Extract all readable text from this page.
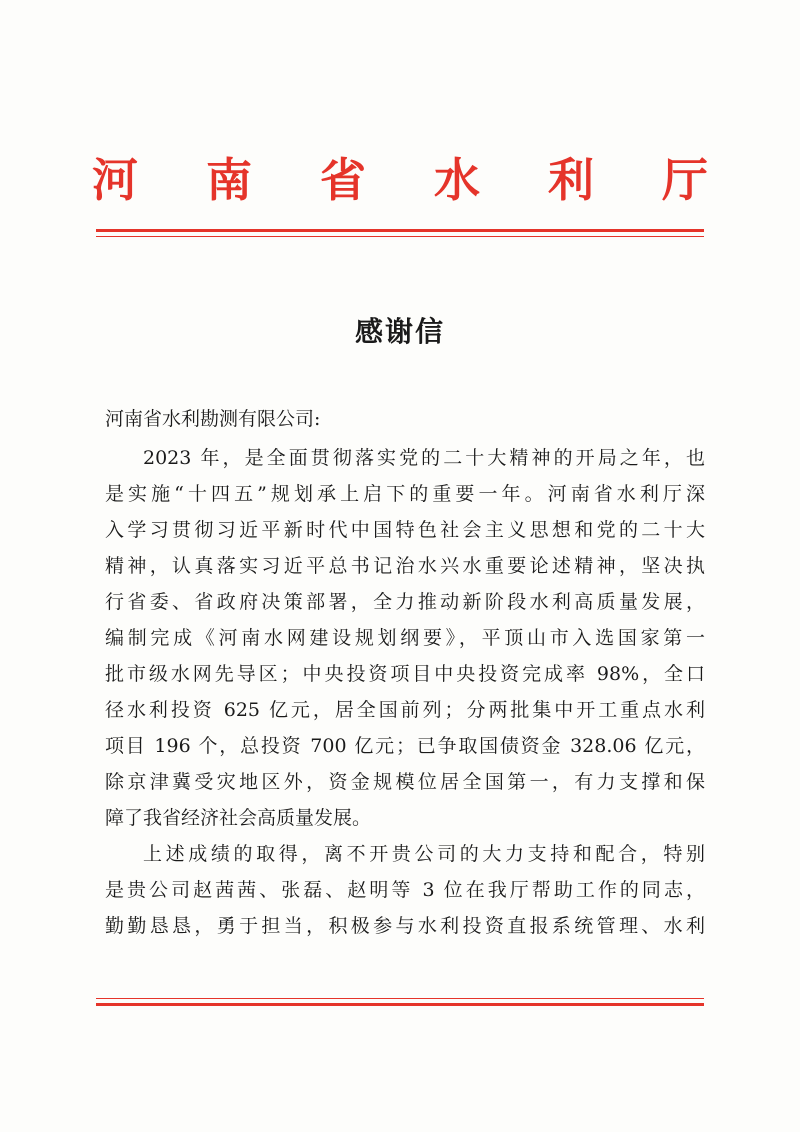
河 南 省 水 利 厅
感谢信
河南省水利勘测有限公司:
2023 年，是全面贯彻落实党的二十大精神的开局之年，也
是实施“十四五”规划承上启下的重要一年。河南省水利厅深
入学习贯彻习近平新时代中国特色社会主义思想和党的二十大
精神，认真落实习近平总书记治水兴水重要论述精神，坚决执
行省委、省政府决策部署，全力推动新阶段水利高质量发展，
编制完成《河南水网建设规划纲要》，平顶山市入选国家第一
批市级水网先导区；中央投资项目中央投资完成率 98%，全口
径水利投资 625 亿元，居全国前列；分两批集中开工重点水利
项目 196 个，总投资 700 亿元；已争取国债资金 328.06 亿元，
除京津冀受灾地区外，资金规模位居全国第一，有力支撑和保
障了我省经济社会高质量发展。
上述成绩的取得，离不开贵公司的大力支持和配合，特别
是贵公司赵茜茜、张磊、赵明等 3 位在我厅帮助工作的同志，
勤勤恳恳，勇于担当，积极参与水利投资直报系统管理、水利
